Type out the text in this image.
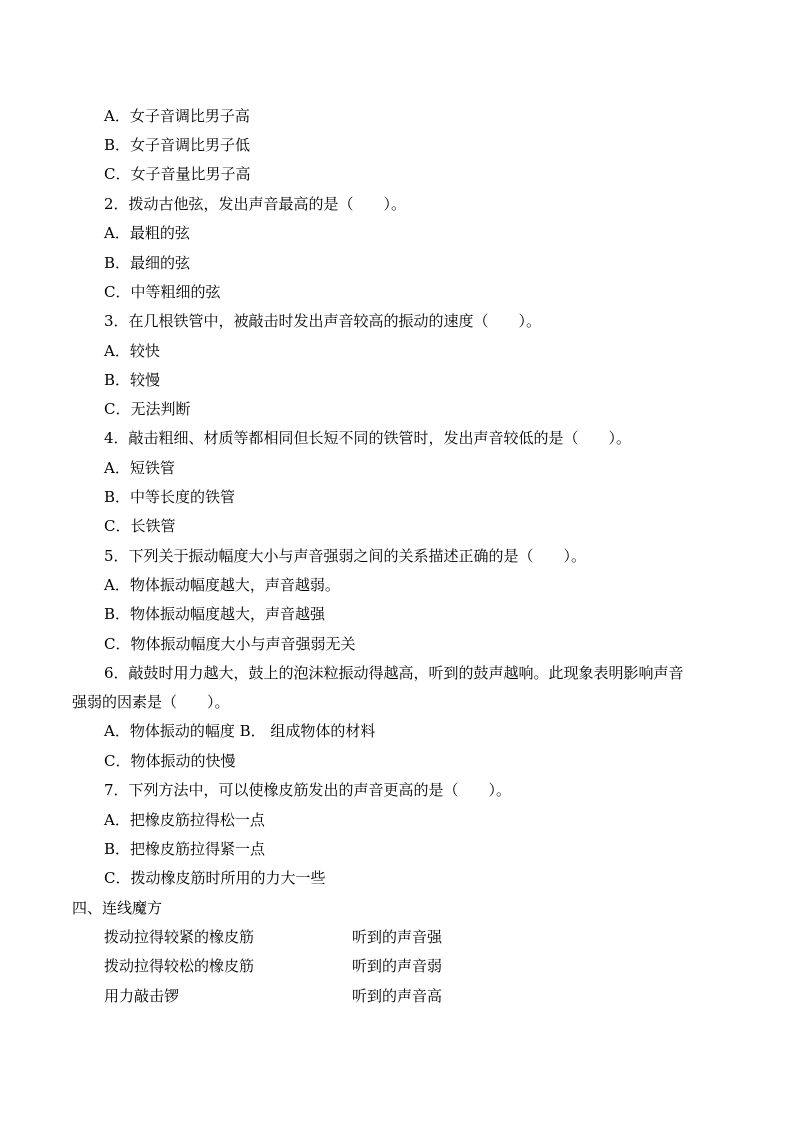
A．女子音调比男子高
B．女子音调比男子低
C．女子音量比男子高
2．拨动古他弦，发出声音最高的是（　　）。
A．最粗的弦
B．最细的弦
C．中等粗细的弦
3．在几根铁管中，被敲击时发出声音较高的振动的速度（　　）。
A．较快
B．较慢
C．无法判断
4．敲击粗细、材质等都相同但长短不同的铁管时，发出声音较低的是（　　）。
A．短铁管
B．中等长度的铁管
C．长铁管
5．下列关于振动幅度大小与声音强弱之间的关系描述正确的是（　　）。
A．物体振动幅度越大，声音越弱。
B．物体振动幅度越大，声音越强
C．物体振动幅度大小与声音强弱无关
6．敲鼓时用力越大，鼓上的泡沫粒振动得越高，听到的鼓声越响。此现象表明影响声音
强弱的因素是（　　）。
A．物体振动的幅度 B． 组成物体的材料
C．物体振动的快慢
7．下列方法中，可以使橡皮筋发出的声音更高的是（　　）。
A．把橡皮筋拉得松一点
B．把橡皮筋拉得紧一点
C．拨动橡皮筋时所用的力大一些
四、连线魔方
拨动拉得较紧的橡皮筋	听到的声音强
拨动拉得较松的橡皮筋	听到的声音弱
用力敲击锣	听到的声音高
